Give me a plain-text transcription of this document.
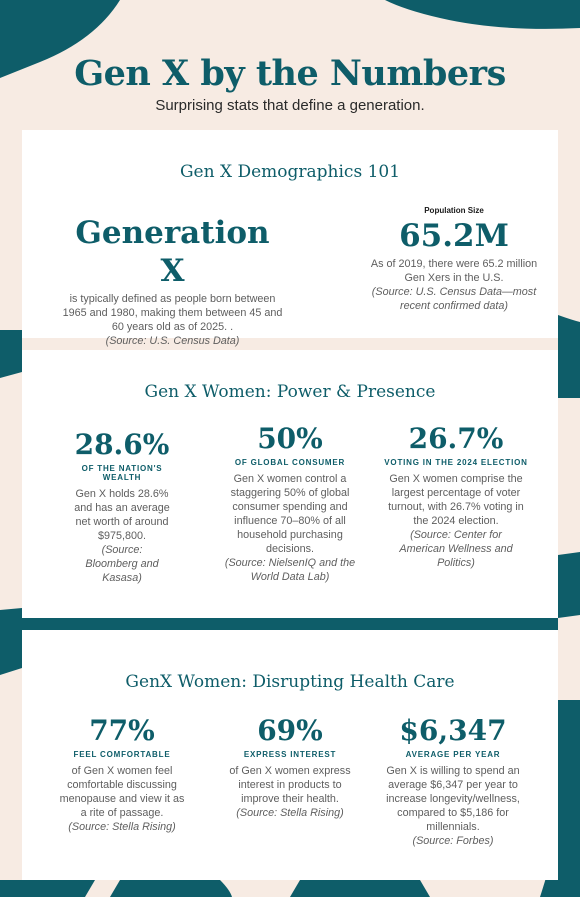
Gen X by the Numbers
Surprising stats that define a generation.
Gen X Demographics 101
Generation X
is typically defined as people born between 1965 and 1980, making them between 45 and 60 years old as of 2025. .
(Source: U.S. Census Data)
Population Size
65.2M
As of 2019, there were 65.2 million Gen Xers in the U.S.
(Source: U.S. Census Data—most recent confirmed data)
Gen X Women: Power & Presence
28.6%
OF THE NATION'S WEALTH
Gen X holds 28.6% and has an average net worth of around $975,800.
(Source: Bloomberg and Kasasa)
50%
OF GLOBAL CONSUMER
Gen X women control a staggering 50% of global consumer spending and influence 70–80% of all household purchasing decisions.
(Source: NielsenIQ and the World Data Lab)
26.7%
VOTING IN THE 2024 ELECTION
Gen X women comprise the largest percentage of voter turnout, with 26.7% voting in the 2024 election.
(Source: Center for American Wellness and Politics)
GenX Women: Disrupting Health Care
77%
FEEL COMFORTABLE
of Gen X women feel comfortable discussing menopause and view it as a rite of passage.
(Source: Stella Rising)
69%
EXPRESS INTEREST
of Gen X women express interest in products to improve their health.
(Source: Stella Rising)
$6,347
AVERAGE PER YEAR
Gen X is willing to spend an average $6,347 per year to increase longevity/wellness, compared to $5,186 for millennials.
(Source: Forbes)
